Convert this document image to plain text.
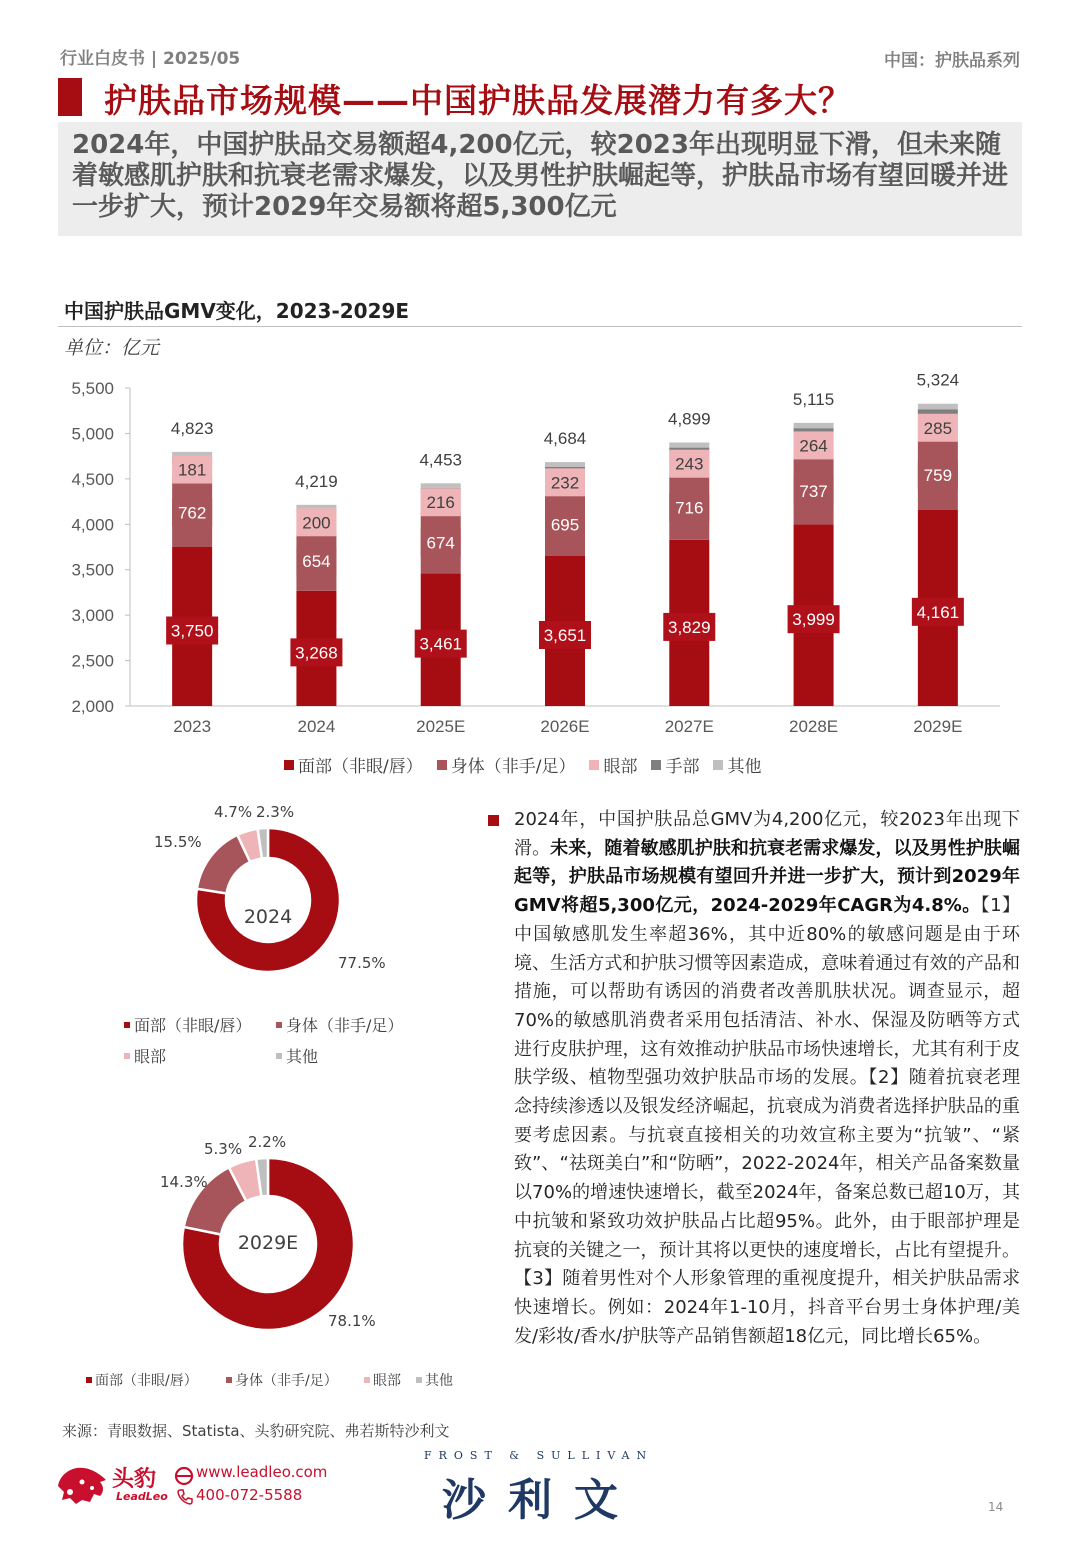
行业白皮书 | 2025/05	中国：护肤品系列
护肤品市场规模——中国护肤品发展潜力有多大？
2024年，中国护肤品交易额超4,200亿元，较2023年出现明显下滑，但未来随着敏感肌护肤和抗衰老需求爆发，以及男性护肤崛起等，护肤品市场有望回暖并进一步扩大，预计2029年交易额将超5,300亿元
中国护肤品GMV变化，2023-2029E
单位：亿元
2,000
2,500
3,000
3,500
4,000
4,500
5,000
5,500
3,750
762
181
4,823
2023
3,268
654
200
4,219
2024
3,461
674
216
4,453
2025E
3,651
695
232
4,684
2026E
3,829
716
243
4,899
2027E
3,999
737
264
5,115
2028E
4,161
759
285
5,324
2029E
面部（非眼/唇） 身体（非手/足） 眼部 手部 其他
2024
77.5%
15.5%
4.7% 2.3%
面部（非眼/唇） 身体（非手/足）
眼部	其他
2029E
78.1%
14.3%
5.3% 2.2%
面部（非眼/唇）	身体（非手/足）	眼部 其他
2024年，中国护肤品总GMV为4,200亿元，较2023年出现下滑。未来，随着敏感肌护肤和抗衰老需求爆发，以及男性护肤崛起等，护肤品市场规模有望回升并进一步扩大，预计到2029年GMV将超5,300亿元，2024-2029年CAGR为4.8%。【1】中国敏感肌发生率超36%，其中近80%的敏感问题是由于环境、生活方式和护肤习惯等因素造成，意味着通过有效的产品和措施，可以帮助有诱因的消费者改善肌肤状况。调查显示，超70%的敏感肌消费者采用包括清洁、补水、保湿及防晒等方式进行皮肤护理，这有效推动护肤品市场快速增长，尤其有利于皮肤学级、植物型强功效护肤品市场的发展。【2】随着抗衰老理念持续渗透以及银发经济崛起，抗衰成为消费者选择护肤品的重要考虑因素。与抗衰直接相关的功效宣称主要为“抗皱”、“紧致”、“祛斑美白”和“防晒”，2022-2024年，相关产品备案数量以70%的增速快速增长，截至2024年，备案总数已超10万，其中抗皱和紧致功效护肤品占比超95%。此外，由于眼部护理是抗衰的关键之一，预计其将以更快的速度增长，占比有望提升。【3】随着男性对个人形象管理的重视度提升，相关护肤品需求快速增长。例如：2024年1-10月，抖音平台男士身体护理/美发/彩妆/香水/护肤等产品销售额超18亿元，同比增长65%。
来源：青眼数据、Statista、头豹研究院、弗若斯特沙利文
头豹
LeadLeo
www.leadleo.com
400-072-5588
FROST & SULLIVAN
沙利文	14
